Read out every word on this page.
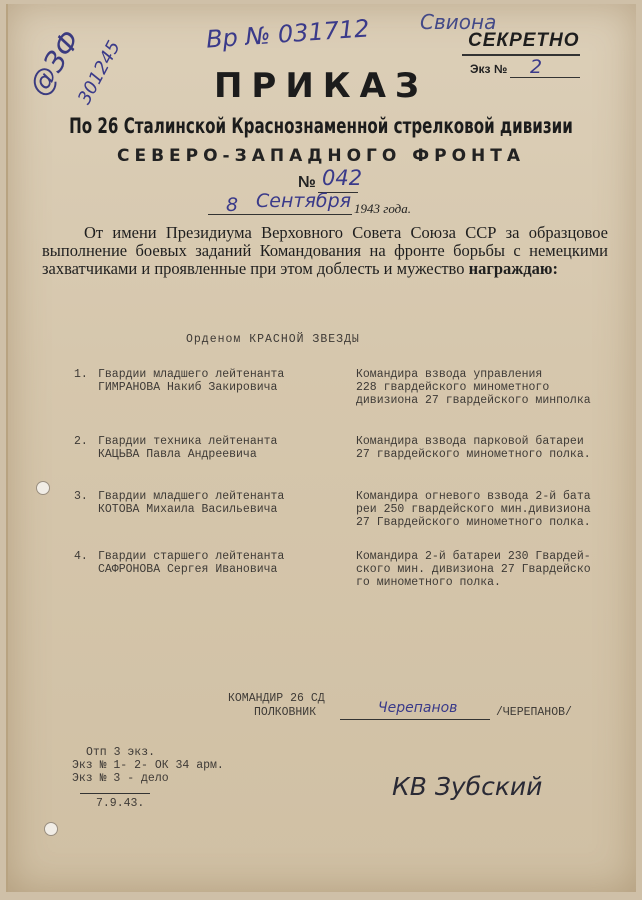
@ЗФ
301245
Вр № 031712 Свиона
СЕКРЕТНО
Экз № 2
ПРИКАЗ
По 26 Сталинской Краснознаменной стрелковой дивизии
СЕВЕРО-ЗАПАДНОГО ФРОНТА
№ 042
8 Сентября 1943 года.
От имени Президиума Верховного Совета Союза ССР за образцовое выполнение боевых заданий Командования на фронте борьбы с немецкими захватчиками и проявленные при этом доблесть и мужество награждаю:
Орденом КРАСНОЙ ЗВЕЗДЫ
1. Гвардии младшего лейтенанта
ГИМРАНОВА Накиб Закировича
Командира взвода управления
228 гвардейского минометного
дивизиона 27 гвардейского минполка
2. Гвардии техника лейтенанта
КАЦЬВА Павла Андреевича
Командира взвода парковой батареи
27 гвардейского минометного полка.
3. Гвардии младшего лейтенанта
КОТОВА Михаила Васильевича
Командира огневого взвода 2-й бата
реи 250 гвардейского мин.дивизиона
27 Гвардейского минометного полка.
4. Гвардии старшего лейтенанта
САФРОНОВА Сергея Ивановича
Командира 2-й батареи 230 Гвардей-
ского мин. дивизиона 27 Гвардейско
го минометного полка.
КОМАНДИР 26 СД
ПОЛКОВНИК	Черепанов	/ЧЕРЕПАНОВ/
Отп 3 экз.
Экз № 1- 2- ОК 34 арм.
Экз № 3 - дело
7.9.43.
КВ Зубский
